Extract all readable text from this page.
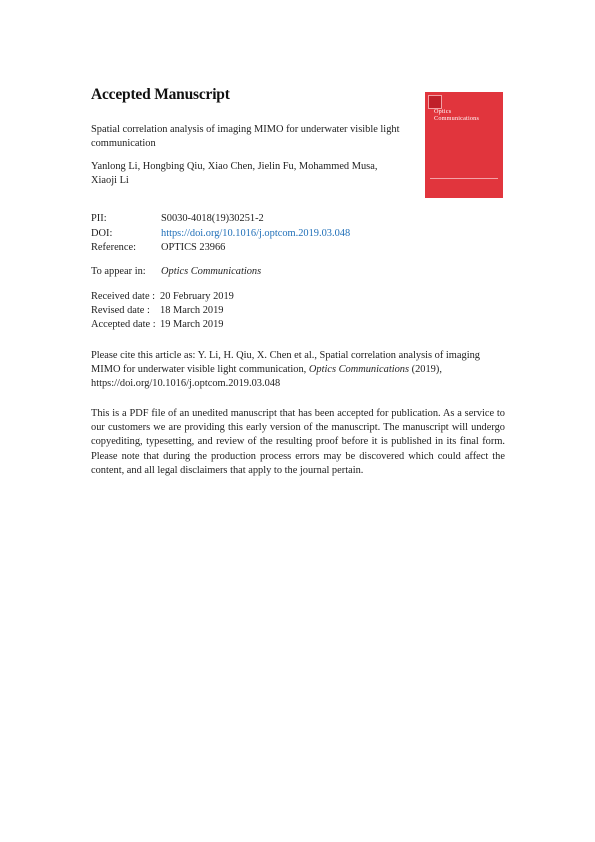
Accepted Manuscript
Spatial correlation analysis of imaging MIMO for underwater visible light communication
Yanlong Li, Hongbing Qiu, Xiao Chen, Jielin Fu, Mohammed Musa, Xiaoji Li
Optics
Communications
PII:	S0030-4018(19)30251-2
DOI:	https://doi.org/10.1016/j.optcom.2019.03.048
Reference: OPTICS 23966
To appear in: Optics Communications
Received date : 20 February 2019
Revised date : 18 March 2019
Accepted date : 19 March 2019
Please cite this article as: Y. Li, H. Qiu, X. Chen et al., Spatial correlation analysis of imaging MIMO for underwater visible light communication, Optics Communications (2019), https://doi.org/10.1016/j.optcom.2019.03.048
This is a PDF file of an unedited manuscript that has been accepted for publication. As a service to our customers we are providing this early version of the manuscript. The manuscript will undergo copyediting, typesetting, and review of the resulting proof before it is published in its final form. Please note that during the production process errors may be discovered which could affect the content, and all legal disclaimers that apply to the journal pertain.
